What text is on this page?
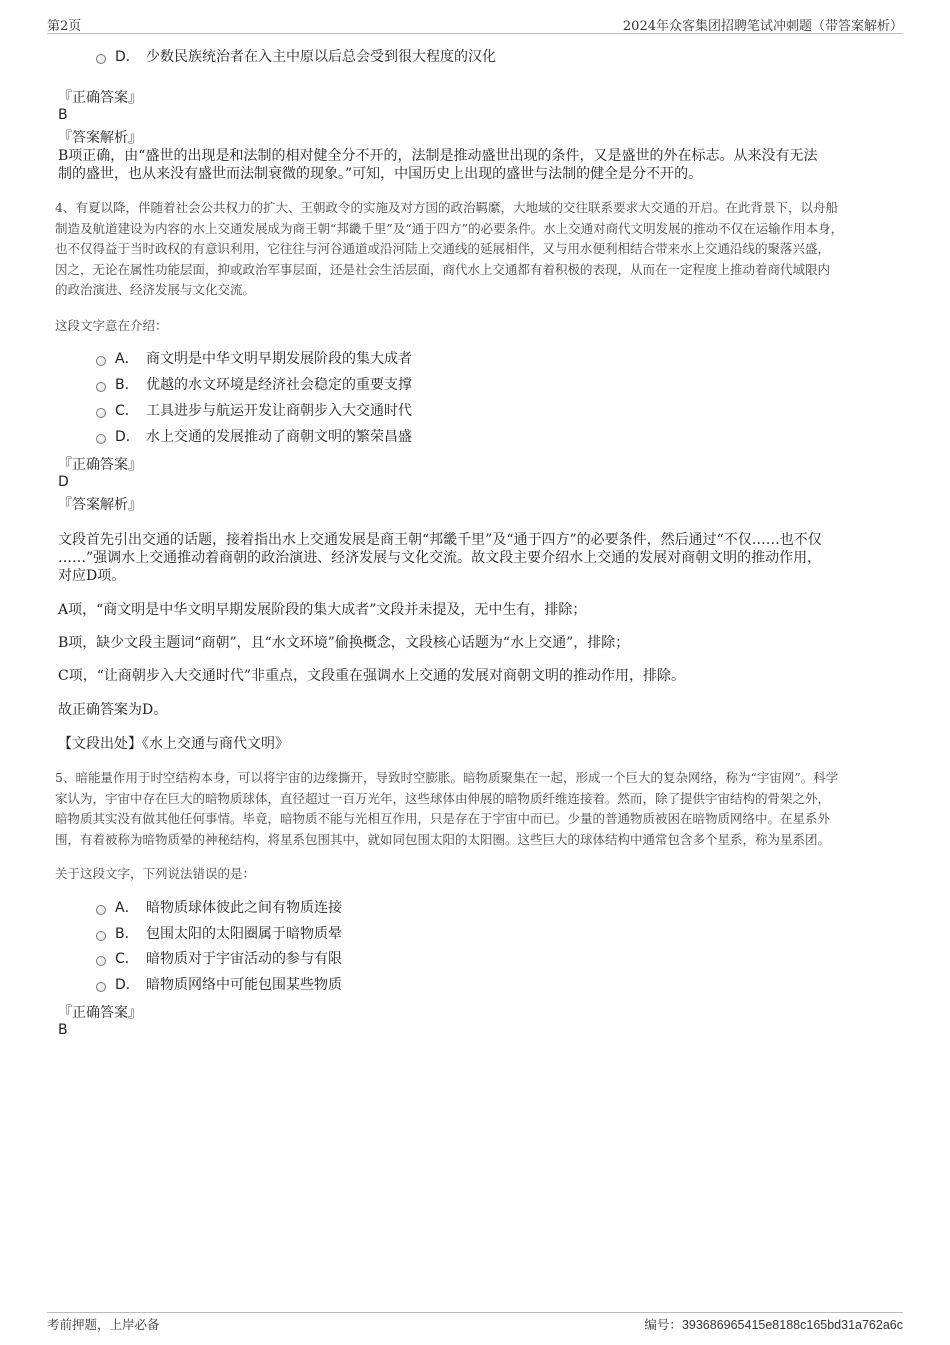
第2页	2024年众客集团招聘笔试冲刺题（带答案解析）
D． 少数民族统治者在入主中原以后总会受到很大程度的汉化
『正确答案』
B
『答案解析』
B项正确，由“盛世的出现是和法制的相对健全分不开的，法制是推动盛世出现的条件，又是盛世的外在标志。从来没有无法
制的盛世，也从来没有盛世而法制衰微的现象。”可知，中国历史上出现的盛世与法制的健全是分不开的。
4、有夏以降，伴随着社会公共权力的扩大、王朝政令的实施及对方国的政治羁縻，大地域的交往联系要求大交通的开启。在此背景下，以舟船
制造及航道建设为内容的水上交通发展成为商王朝“邦畿千里”及“通于四方”的必要条件。水上交通对商代文明发展的推动不仅在运输作用本身，
也不仅得益于当时政权的有意识利用，它往往与河谷通道或沿河陆上交通线的延展相伴，又与用水便利相结合带来水上交通沿线的聚落兴盛，
因之，无论在属性功能层面，抑或政治军事层面，还是社会生活层面，商代水上交通都有着积极的表现，从而在一定程度上推动着商代域限内
的政治演进、经济发展与文化交流。
这段文字意在介绍：
A． 商文明是中华文明早期发展阶段的集大成者
B． 优越的水文环境是经济社会稳定的重要支撑
C． 工具进步与航运开发让商朝步入大交通时代
D． 水上交通的发展推动了商朝文明的繁荣昌盛
『正确答案』
D
『答案解析』
文段首先引出交通的话题，接着指出水上交通发展是商王朝“邦畿千里”及“通于四方”的必要条件，然后通过“不仅……也不仅
……”强调水上交通推动着商朝的政治演进、经济发展与文化交流。故文段主要介绍水上交通的发展对商朝文明的推动作用，
对应D项。
A项，“商文明是中华文明早期发展阶段的集大成者”文段并未提及，无中生有，排除；
B项，缺少文段主题词“商朝”，且“水文环境”偷换概念，文段核心话题为“水上交通”，排除；
C项，“让商朝步入大交通时代”非重点，文段重在强调水上交通的发展对商朝文明的推动作用，排除。
故正确答案为D。
【文段出处】《水上交通与商代文明》
5、暗能量作用于时空结构本身，可以将宇宙的边缘撕开，导致时空膨胀。暗物质聚集在一起，形成一个巨大的复杂网络，称为“宇宙网”。科学
家认为，宇宙中存在巨大的暗物质球体，直径超过一百万光年，这些球体由伸展的暗物质纤维连接着。然而，除了提供宇宙结构的骨架之外，
暗物质其实没有做其他任何事情。毕竟，暗物质不能与光相互作用，只是存在于宇宙中而已。少量的普通物质被困在暗物质网络中。在星系外
围，有着被称为暗物质晕的神秘结构，将星系包围其中，就如同包围太阳的太阳圈。这些巨大的球体结构中通常包含多个星系，称为星系团。
关于这段文字，下列说法错误的是：
A． 暗物质球体彼此之间有物质连接
B． 包围太阳的太阳圈属于暗物质晕
C． 暗物质对于宇宙活动的参与有限
D． 暗物质网络中可能包围某些物质
『正确答案』
B
考前押题，上岸必备	编号：393686965415e8188c165bd31a762a6c
